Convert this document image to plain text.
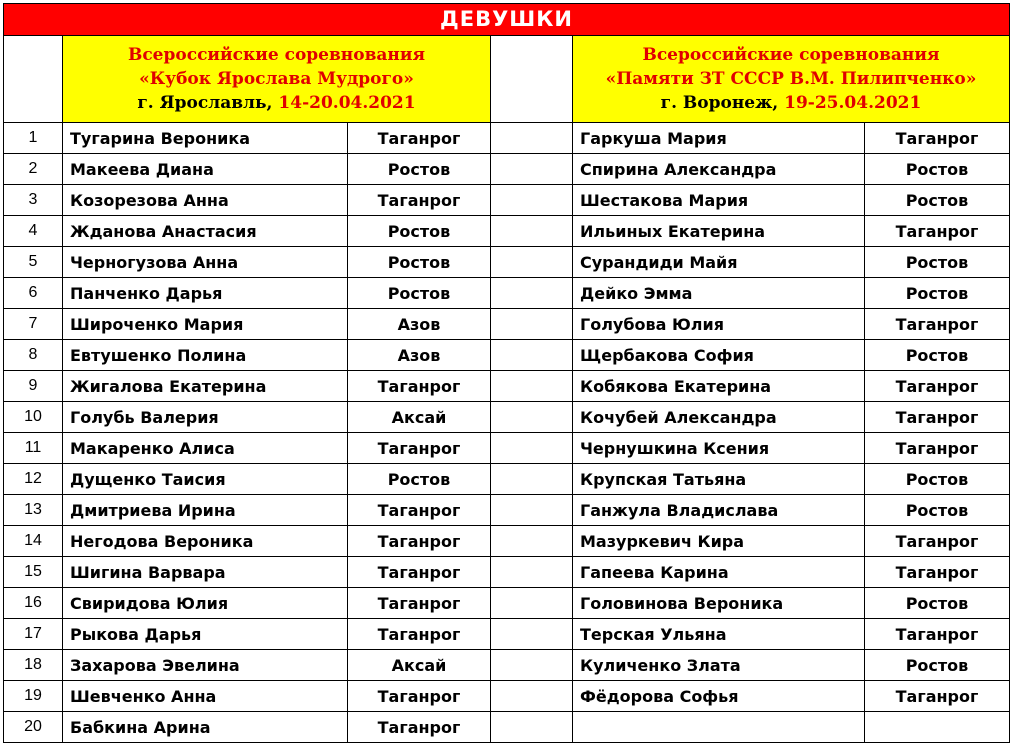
ДЕВУШКИ					

	Всероссийские соревнования
«Кубок Ярослава Мудрого»
г. Ярославль, 14-20.04.2021			Всероссийские соревнования
«Памяти ЗТ СССР В.М. Пилипченко»
г. Воронеж, 19-25.04.2021	
1	Тугарина Вероника	Таганрог		Гаркуша Мария	Таганрог
2	Макеева Диана	Ростов		Спирина Александра	Ростов
3	Козорезова Анна	Таганрог		Шестакова Мария	Ростов
4	Жданова Анастасия	Ростов		Ильиных Екатерина	Таганрог
5	Черногузова Анна	Ростов		Сурандиди Майя	Ростов
6	Панченко Дарья	Ростов		Дейко Эмма	Ростов
7	Широченко Мария	Азов		Голубова Юлия	Таганрог
8	Евтушенко Полина	Азов		Щербакова София	Ростов
9	Жигалова Екатерина	Таганрог		Кобякова Екатерина	Таганрог
10	Голубь Валерия	Аксай		Кочубей Александра	Таганрог
11	Макаренко Алиса	Таганрог		Чернушкина Ксения	Таганрог
12	Дущенко Таисия	Ростов		Крупская Татьяна	Ростов
13	Дмитриева Ирина	Таганрог		Ганжула Владислава	Ростов
14	Негодова Вероника	Таганрог		Мазуркевич Кира	Таганрог
15	Шигина Варвара	Таганрог		Гапеева Карина	Таганрог
16	Свиридова Юлия	Таганрог		Головинова Вероника	Ростов
17	Рыкова Дарья	Таганрог		Терская Ульяна	Таганрог
18	Захарова Эвелина	Аксай		Куличенко Злата	Ростов
19	Шевченко Анна	Таганрог		Фёдорова Софья	Таганрог
20	Бабкина Арина	Таганрог			
